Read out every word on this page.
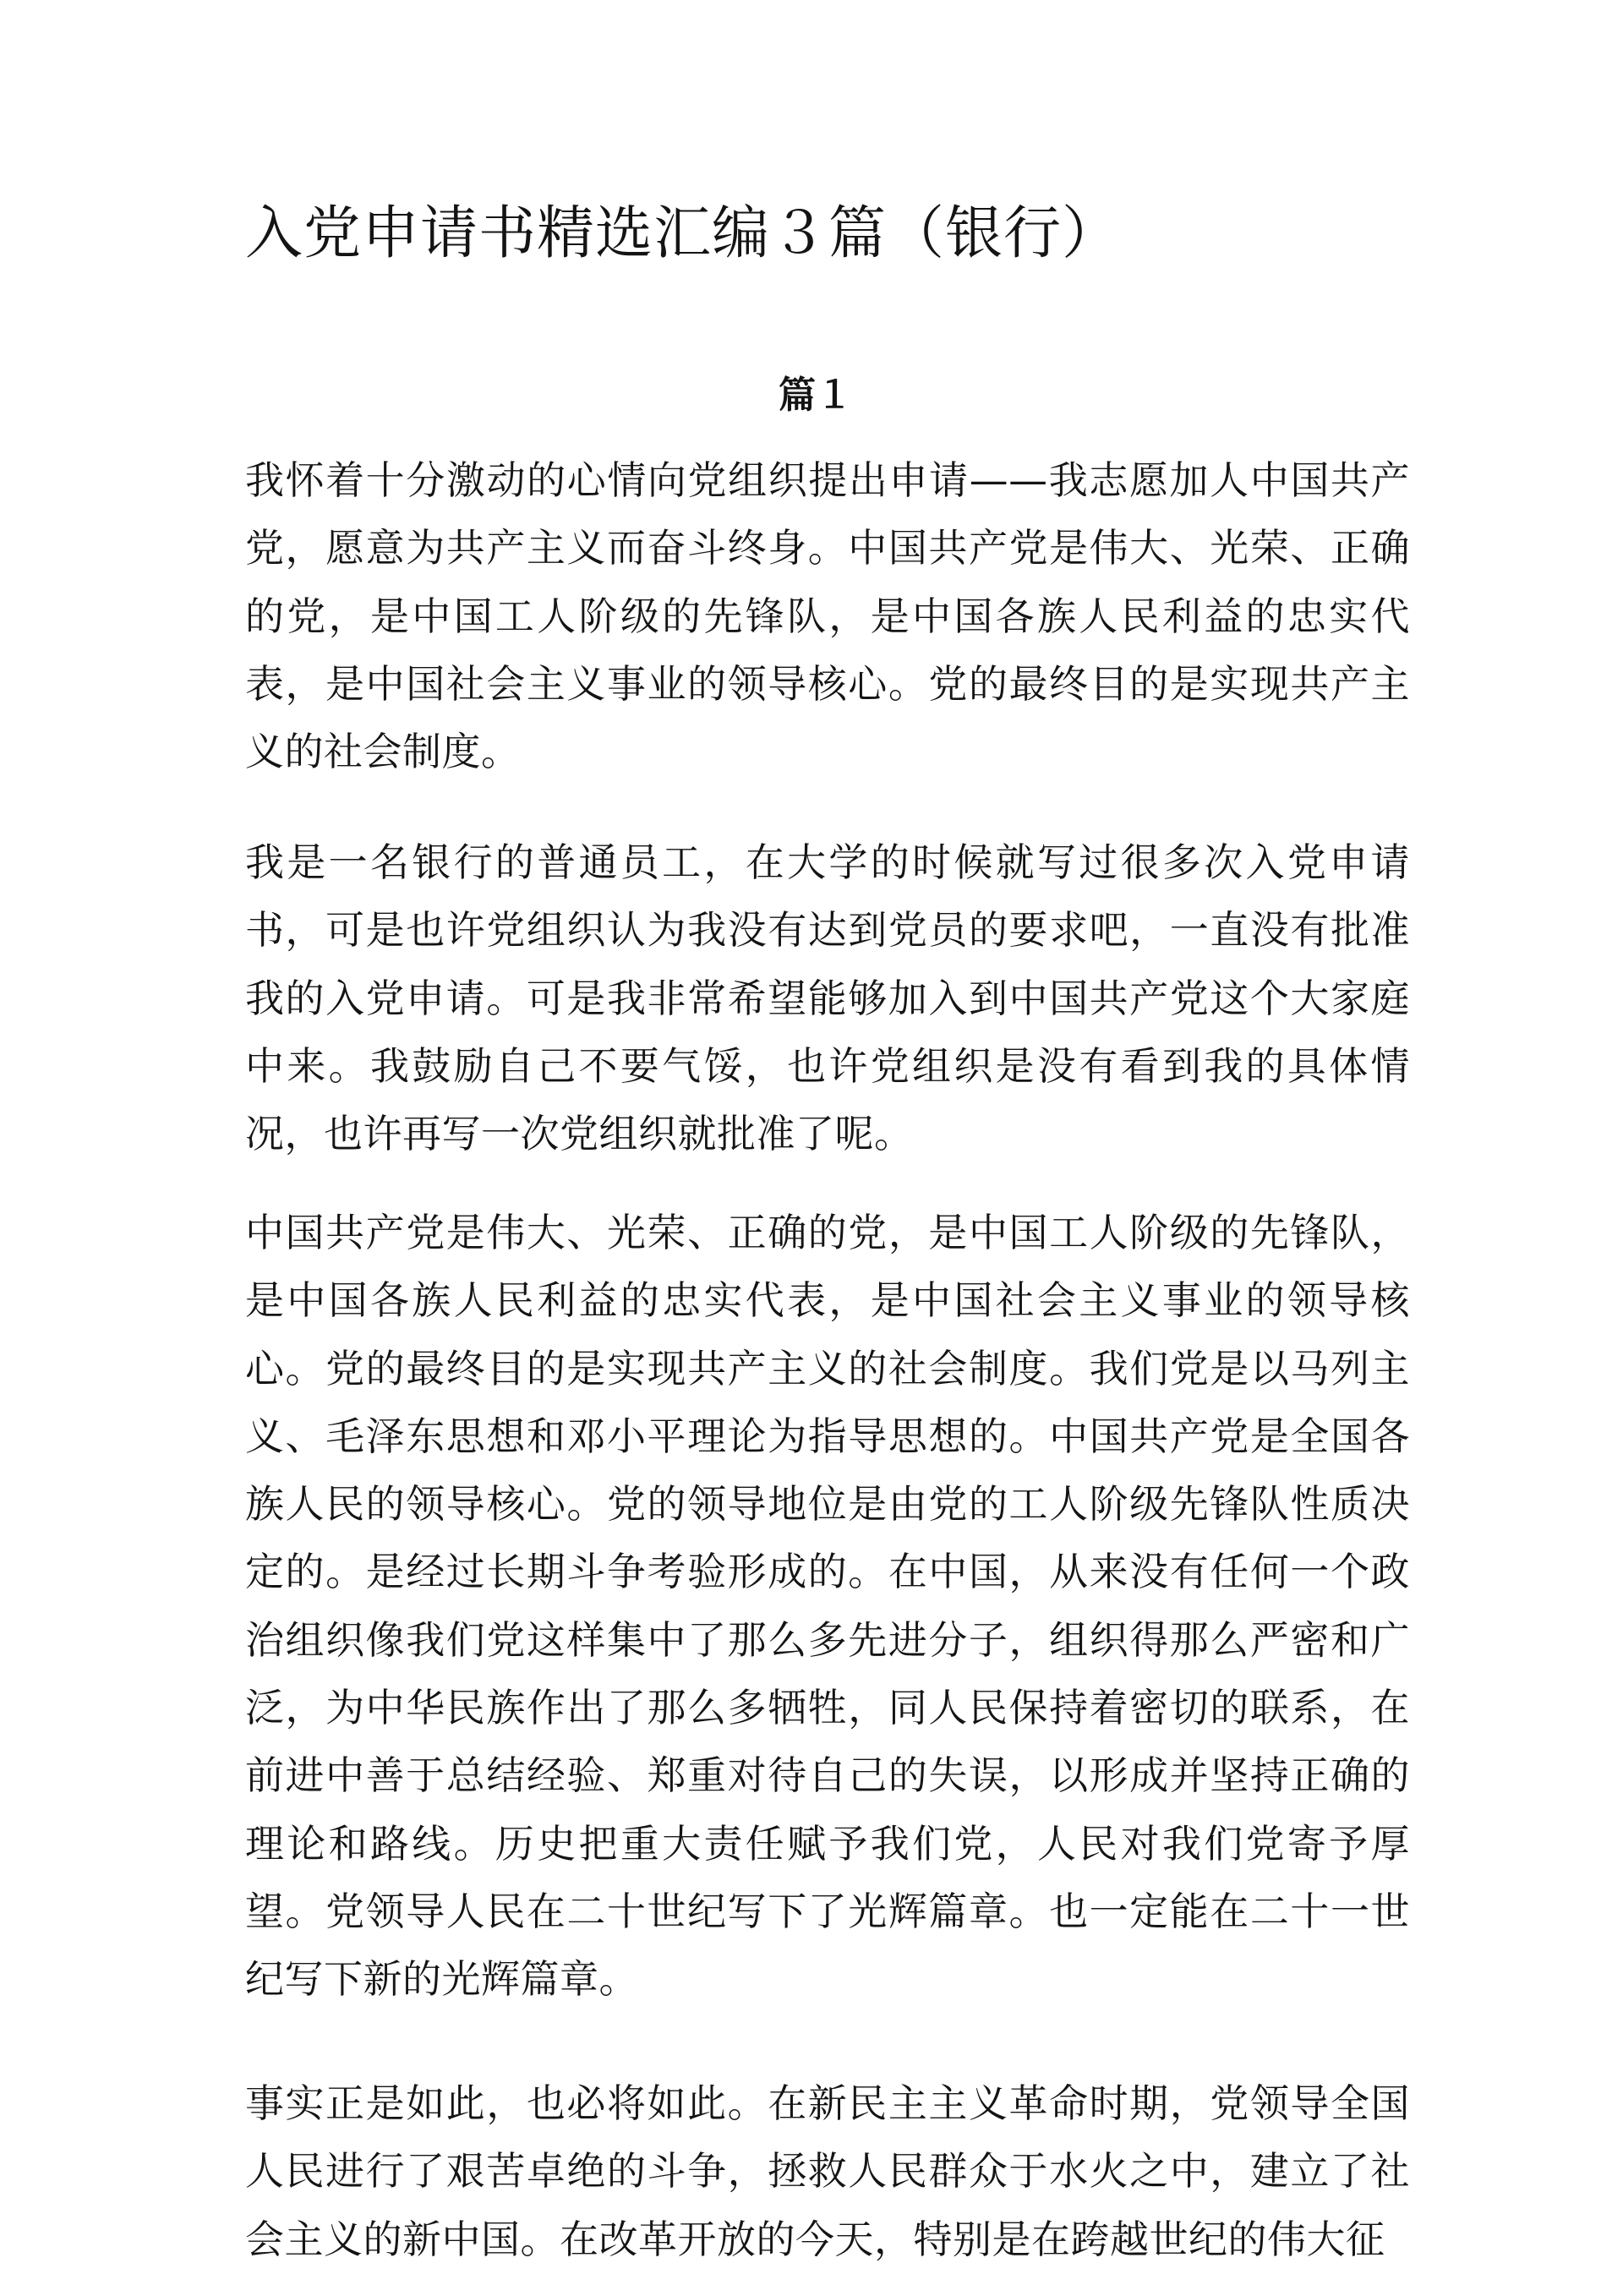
入党申请书精选汇编３篇（银行）
篇１

我怀着十分激动的心情向党组织提出申请——我志愿加人中国共产党，愿意为共产主义而奋斗终身。中国共产党是伟大、光荣、正确的党，是中国工人阶级的先锋队，是中国各族人民利益的忠实代表，是中国社会主义事业的领导核心。党的最终目的是实现共产主义的社会制度。

我是一名银行的普通员工，在大学的时候就写过很多次入党申请书，可是也许党组织认为我没有达到党员的要求吧，一直没有批准我的入党申请。可是我非常希望能够加入到中国共产党这个大家庭中来。我鼓励自己不要气馁，也许党组织是没有看到我的具体情况，也许再写一次党组织就批准了呢。

中国共产党是伟大、光荣、正确的党，是中国工人阶级的先锋队，是中国各族人民利益的忠实代表，是中国社会主义事业的领导核心。党的最终目的是实现共产主义的社会制度。我们党是以马列主义、毛泽东思想和邓小平理论为指导思想的。中国共产党是全国各族人民的领导核心。党的领导地位是由党的工人阶级先锋队性质决定的。是经过长期斗争考验形成的。在中国，从来没有任何一个政治组织像我们党这样集中了那么多先进分子，组织得那么严密和广泛，为中华民族作出了那么多牺牲，同人民保持着密切的联系，在前进中善于总结经验、郑重对待自己的失误，以形成并坚持正确的理论和路线。历史把重大责任赋予我们党，人民对我们党寄予厚望。党领导人民在二十世纪写下了光辉篇章。也一定能在二十一世纪写下新的光辉篇章。

事实正是如此，也必将如此。在新民主主义革命时期，党领导全国人民进行了艰苦卓绝的斗争，拯救人民群众于水火之中，建立了社会主义的新中国。在改革开放的今天，特别是在跨越世纪的伟大征
